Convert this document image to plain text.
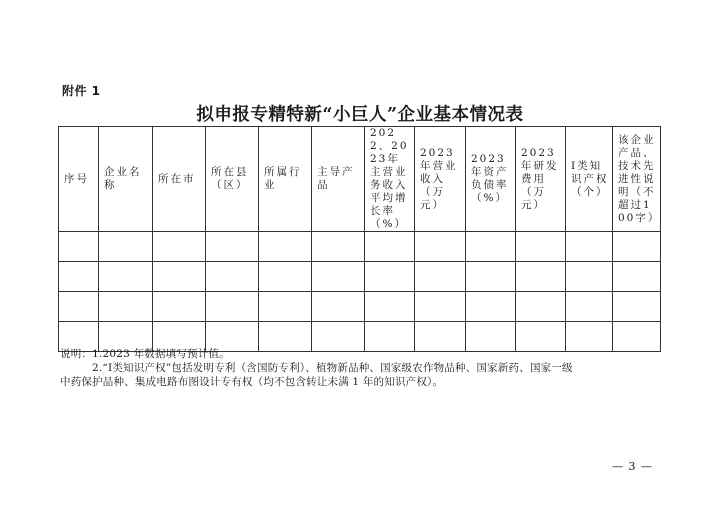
附件 1
拟申报专精特新“小巨人”企业基本情况表
序号	企业名称	所在市	所在县（区）	所属行业	主导产品	2022、2023年主营业务收入平均增长率（%）	2023年营业收入（万元）	2023年资产负债率（%）	2023年研发费用（万元）	I类知识产权（个）	该企业产品、技术先进性说明（不超过100字）

说明：1.2023 年数据填写预计值。
2.“I类知识产权”包括发明专利（含国防专利）、植物新品种、国家级农作物品种、国家新药、国家一级
中药保护品种、集成电路布图设计专有权（均不包含转让未满 1 年的知识产权）。
— 3 —
